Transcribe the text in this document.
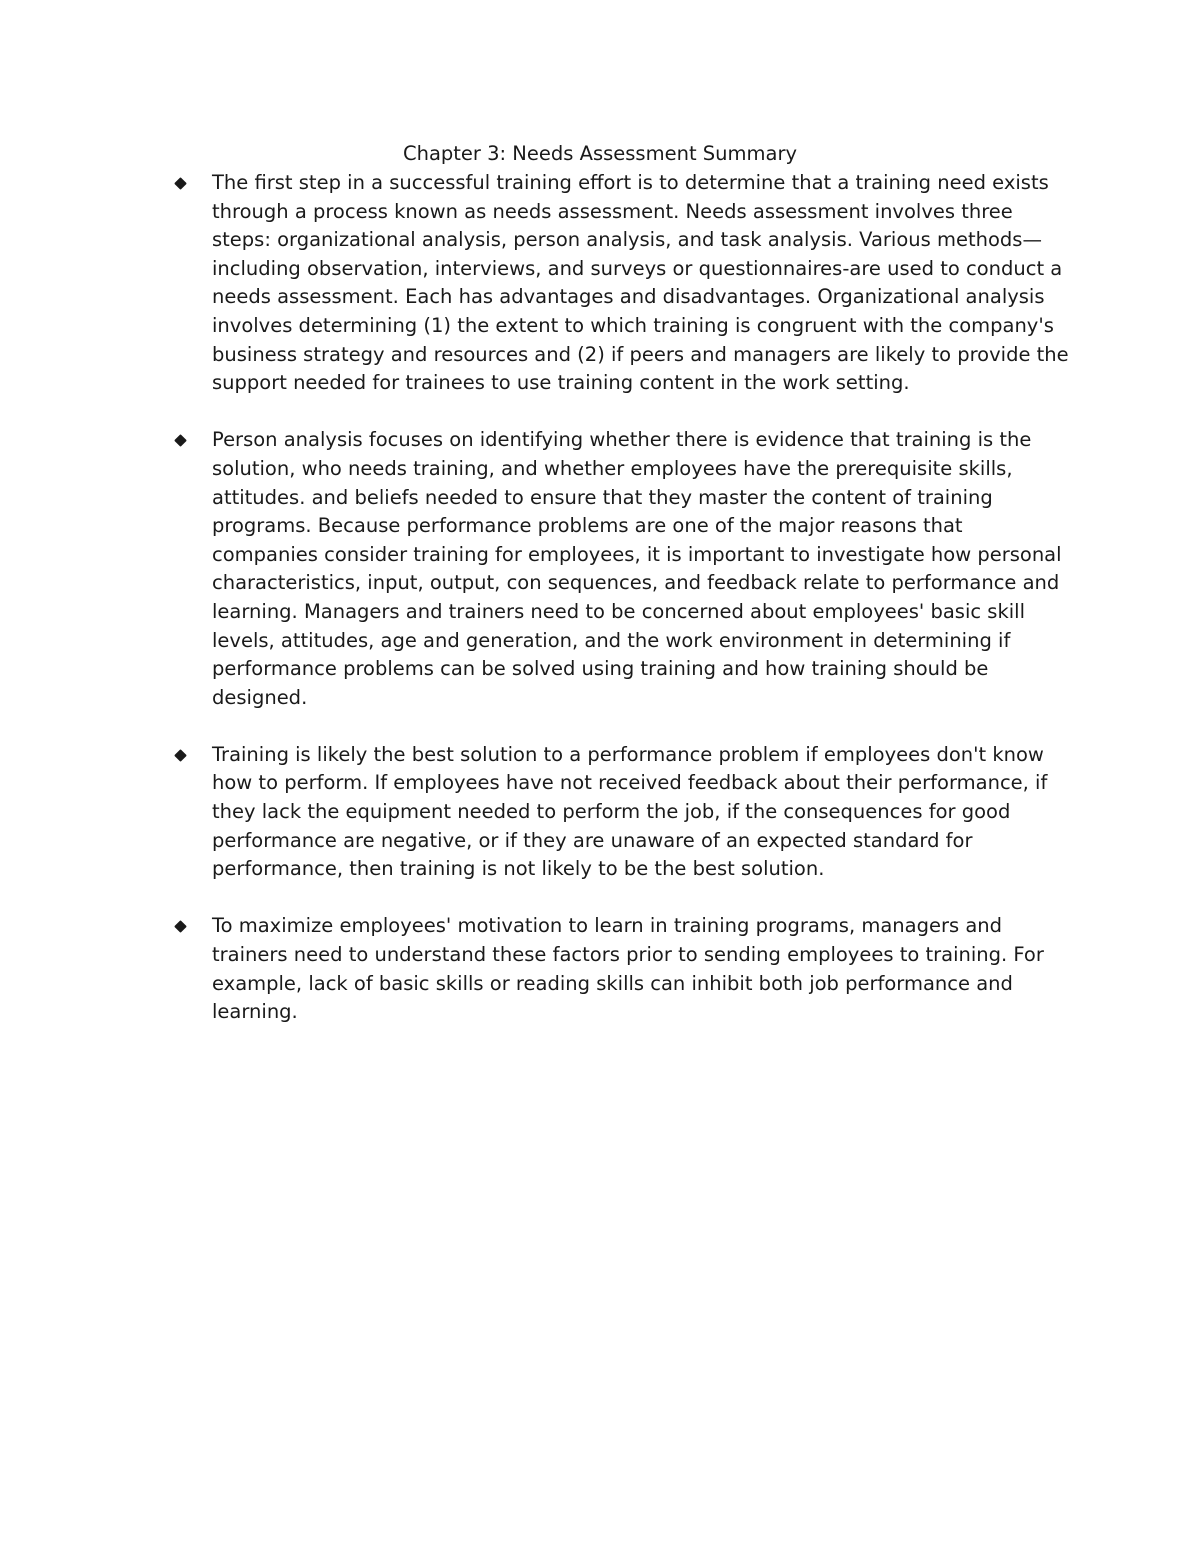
Chapter 3: Needs Assessment Summary
The first step in a successful training effort is to determine that a training need exists through a process known as needs assessment. Needs assessment involves three steps: organizational analysis, person analysis, and task analysis. Various methods—including observation, interviews, and surveys or questionnaires-are used to conduct a needs assessment. Each has advantages and disadvantages. Organizational analysis involves determining (1) the extent to which training is congruent with the company's business strategy and resources and (2) if peers and managers are likely to provide the support needed for trainees to use training content in the work setting.
Person analysis focuses on identifying whether there is evidence that training is the solution, who needs training, and whether employees have the prerequisite skills, attitudes. and beliefs needed to ensure that they master the content of training programs. Because performance problems are one of the major reasons that companies consider training for employees, it is important to investigate how personal characteristics, input, output, con sequences, and feedback relate to performance and learning. Managers and trainers need to be concerned about employees' basic skill levels, attitudes, age and generation, and the work environment in determining if performance problems can be solved using training and how training should be designed.
Training is likely the best solution to a performance problem if employees don't know how to perform. If employees have not received feedback about their performance, if they lack the equipment needed to perform the job, if the consequences for good performance are negative, or if they are unaware of an expected standard for performance, then training is not likely to be the best solution.
To maximize employees' motivation to learn in training programs, managers and trainers need to understand these factors prior to sending employees to training. For example, lack of basic skills or reading skills can inhibit both job performance and learning.
